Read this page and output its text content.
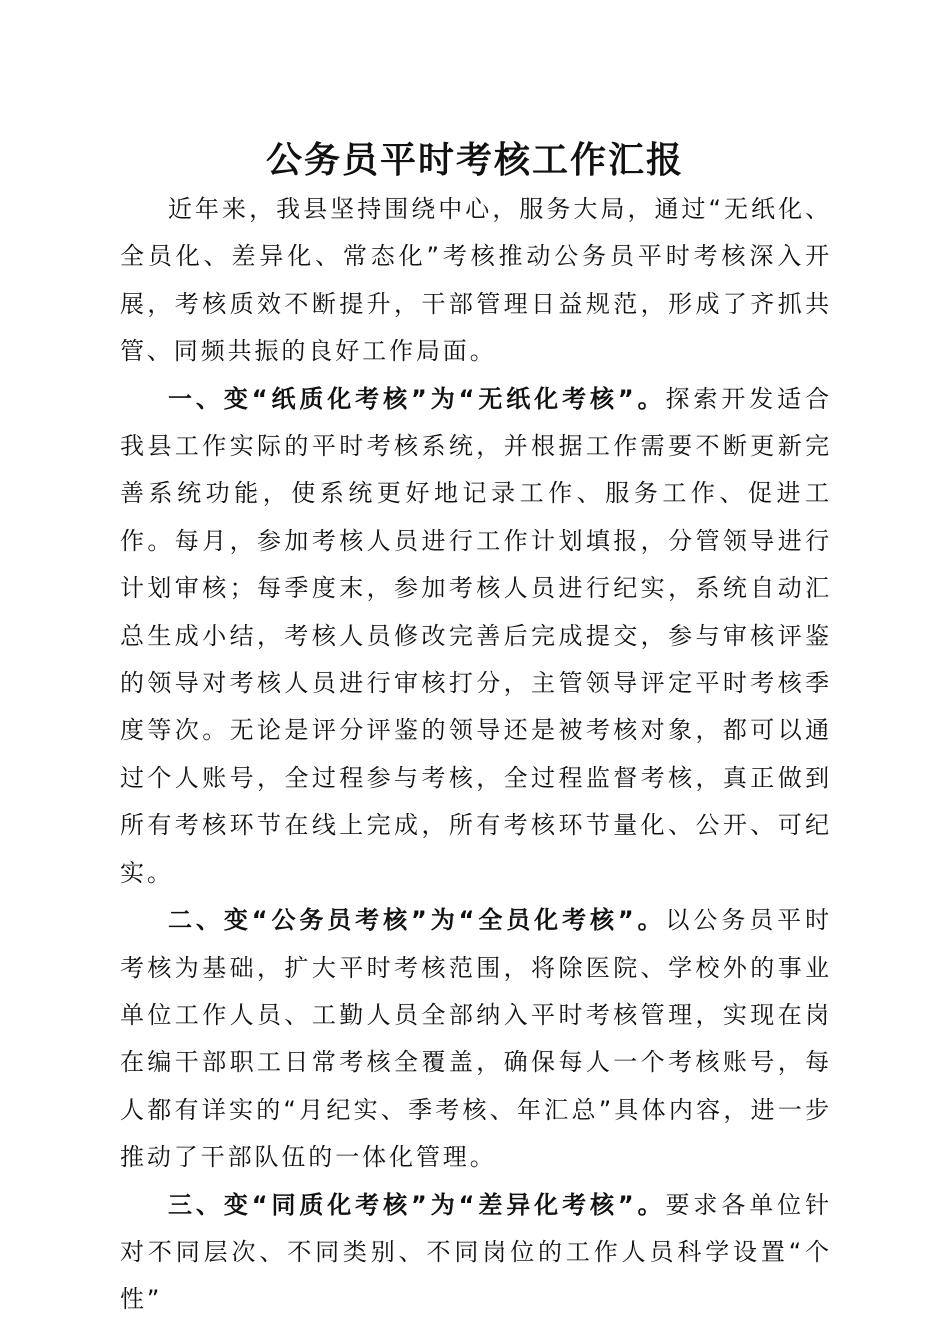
公务员平时考核工作汇报

近年来，我县坚持围绕中心，服务大局，通过“无纸化、全员化、差异化、常态化”考核推动公务员平时考核深入开展，考核质效不断提升，干部管理日益规范，形成了齐抓共管、同频共振的良好工作局面。

一、变“纸质化考核”为“无纸化考核”。探索开发适合我县工作实际的平时考核系统，并根据工作需要不断更新完善系统功能，使系统更好地记录工作、服务工作、促进工作。每月，参加考核人员进行工作计划填报，分管领导进行计划审核；每季度末，参加考核人员进行纪实，系统自动汇总生成小结，考核人员修改完善后完成提交，参与审核评鉴的领导对考核人员进行审核打分，主管领导评定平时考核季度等次。无论是评分评鉴的领导还是被考核对象，都可以通过个人账号，全过程参与考核，全过程监督考核，真正做到所有考核环节在线上完成，所有考核环节量化、公开、可纪实。

二、变“公务员考核”为“全员化考核”。以公务员平时考核为基础，扩大平时考核范围，将除医院、学校外的事业单位工作人员、工勤人员全部纳入平时考核管理，实现在岗在编干部职工日常考核全覆盖，确保每人一个考核账号，每人都有详实的“月纪实、季考核、年汇总”具体内容，进一步推动了干部队伍的一体化管理。

三、变“同质化考核”为“差异化考核”。要求各单位针对不同层次、不同类别、不同岗位的工作人员科学设置“个性”
